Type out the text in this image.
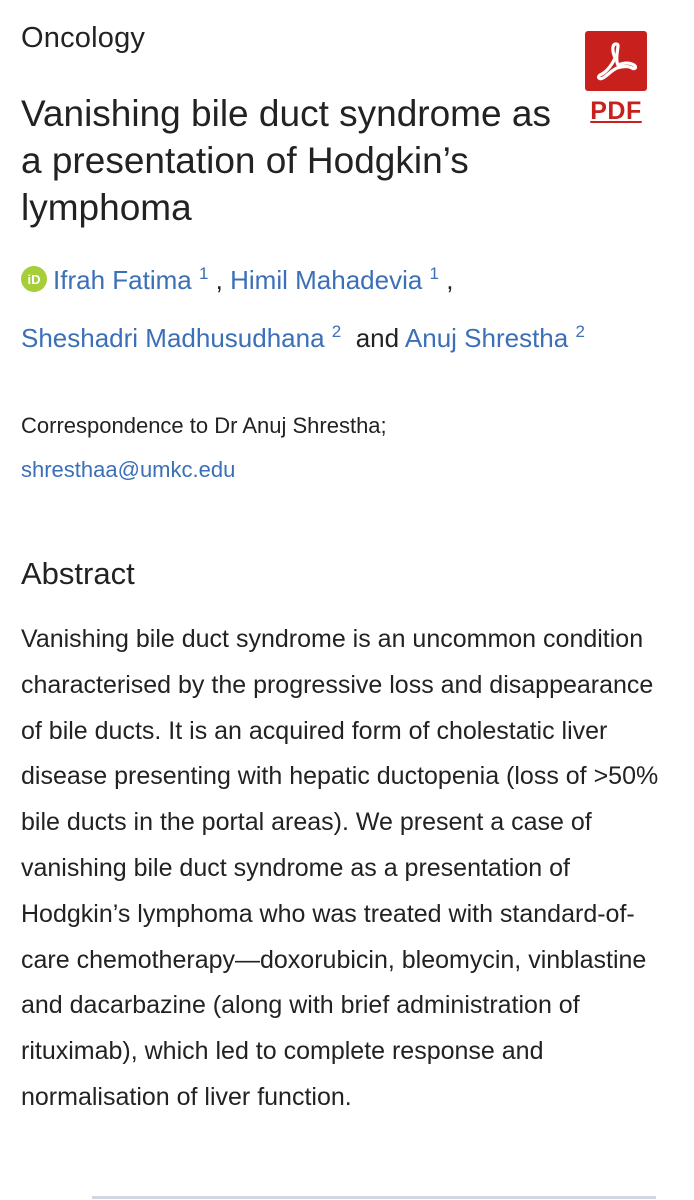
Oncology
PDF
Vanishing bile duct syndrome as a presentation of Hodgkin’s lymphoma
iD Ifrah Fatima $^1$ , Himil Mahadevia $^1$ ,
Sheshadri Madhusudhana $^2$ and Anuj Shrestha $^2$
Correspondence to Dr Anuj Shrestha;
shresthaa@umkc.edu
Abstract

Vanishing bile duct syndrome is an uncommon condition characterised by the progressive loss and disappearance of bile ducts. It is an acquired form of cholestatic liver disease presenting with hepatic ductopenia (loss of >50% bile ducts in the portal areas). We present a case of vanishing bile duct syndrome as a presentation of Hodgkin’s lymphoma who was treated with standard-of-care chemotherapy—doxorubicin, bleomycin, vinblastine and dacarbazine (along with brief administration of rituximab), which led to complete response and normalisation of liver function.
